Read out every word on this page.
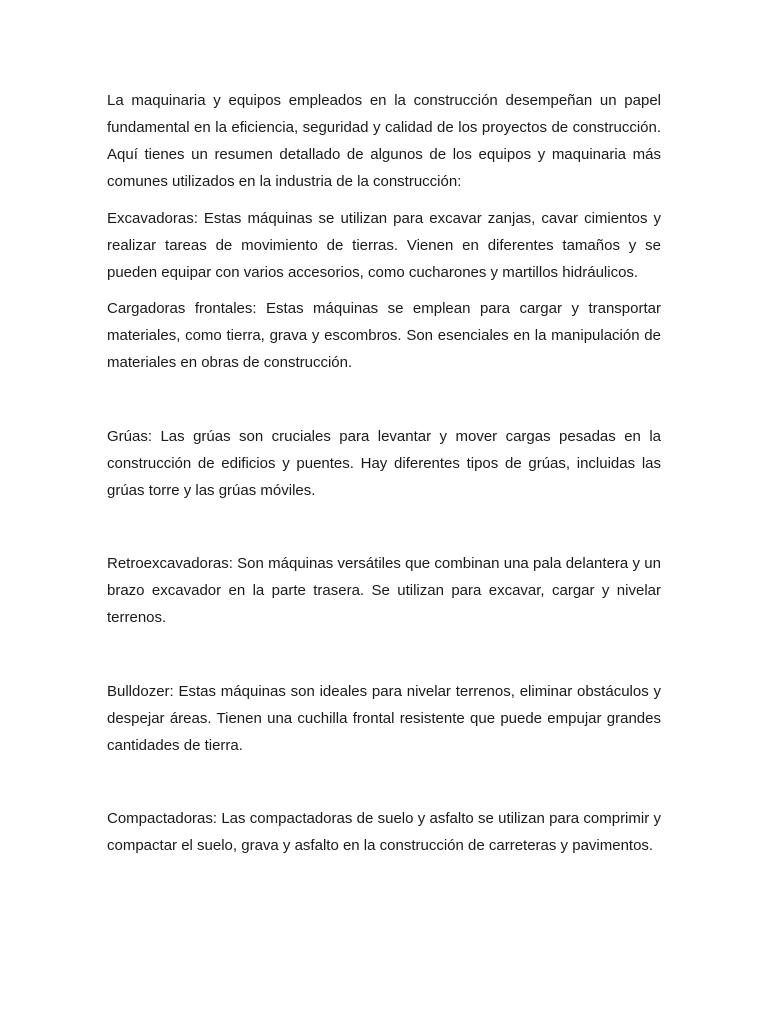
La maquinaria y equipos empleados en la construcción desempeñan un papel fundamental en la eficiencia, seguridad y calidad de los proyectos de construcción. Aquí tienes un resumen detallado de algunos de los equipos y maquinaria más comunes utilizados en la industria de la construcción:

Excavadoras: Estas máquinas se utilizan para excavar zanjas, cavar cimientos y realizar tareas de movimiento de tierras. Vienen en diferentes tamaños y se pueden equipar con varios accesorios, como cucharones y martillos hidráulicos.

Cargadoras frontales: Estas máquinas se emplean para cargar y transportar materiales, como tierra, grava y escombros. Son esenciales en la manipulación de materiales en obras de construcción.

Grúas: Las grúas son cruciales para levantar y mover cargas pesadas en la construcción de edificios y puentes. Hay diferentes tipos de grúas, incluidas las grúas torre y las grúas móviles.

Retroexcavadoras: Son máquinas versátiles que combinan una pala delantera y un brazo excavador en la parte trasera. Se utilizan para excavar, cargar y nivelar terrenos.

Bulldozer: Estas máquinas son ideales para nivelar terrenos, eliminar obstáculos y despejar áreas. Tienen una cuchilla frontal resistente que puede empujar grandes cantidades de tierra.

Compactadoras: Las compactadoras de suelo y asfalto se utilizan para comprimir y compactar el suelo, grava y asfalto en la construcción de carreteras y pavimentos.
